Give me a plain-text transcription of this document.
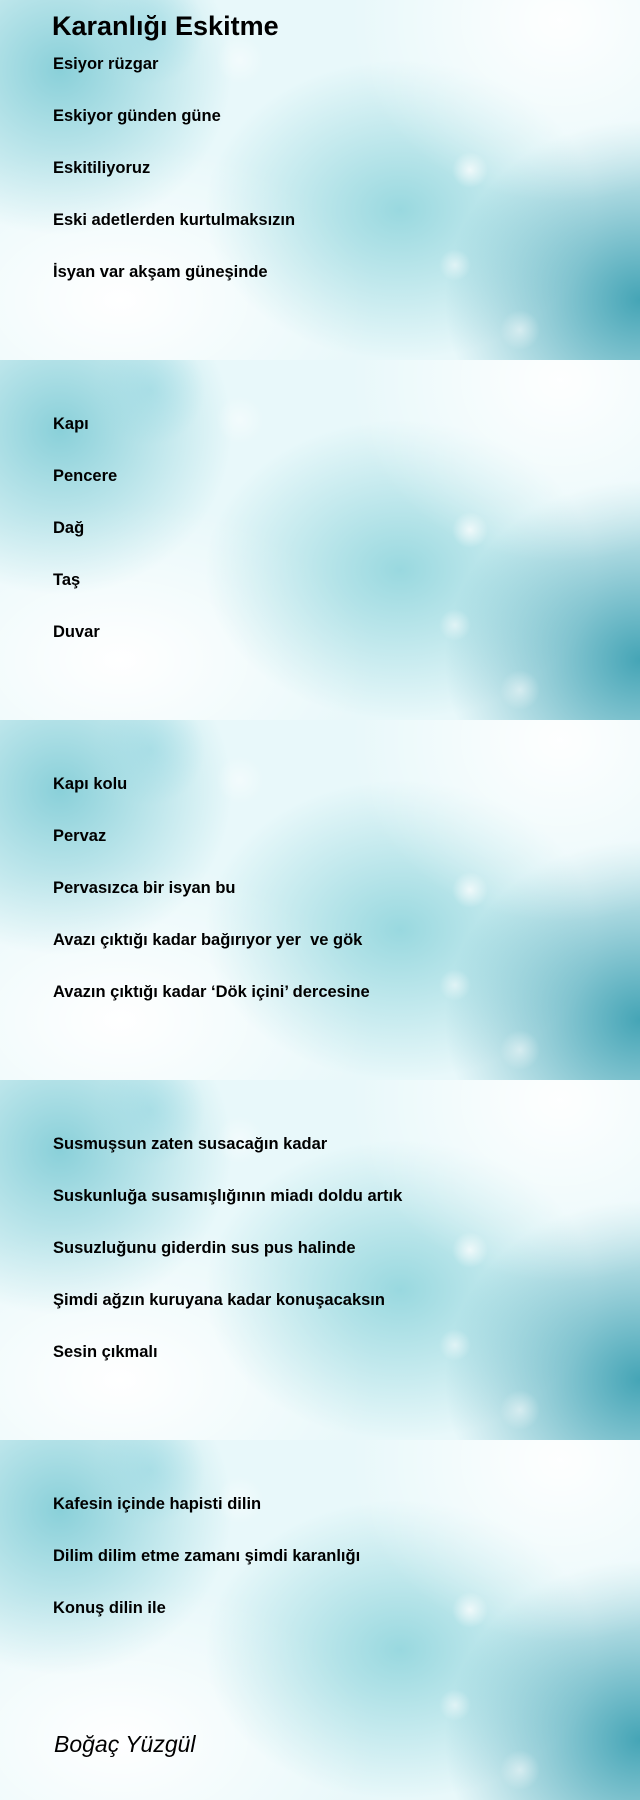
Karanlığı Eskitme

Esiyor rüzgar

Eskiyor günden güne

Eskitiliyoruz

Eski adetlerden kurtulmaksızın

İsyan var akşam güneşinde

Kapı

Pencere

Dağ

Taş

Duvar

Kapı kolu

Pervaz

Pervasızca bir isyan bu

Avazı çıktığı kadar bağırıyor yer  ve gök

Avazın çıktığı kadar ‘Dök içini’ dercesine

Susmuşsun zaten susacağın kadar

Suskunluğa susamışlığının miadı doldu artık

Susuzluğunu giderdin sus pus halinde

Şimdi ağzın kuruyana kadar konuşacaksın

Sesin çıkmalı

Kafesin içinde hapisti dilin

Dilim dilim etme zamanı şimdi karanlığı

Konuş dilin ile

Boğaç Yüzgül
